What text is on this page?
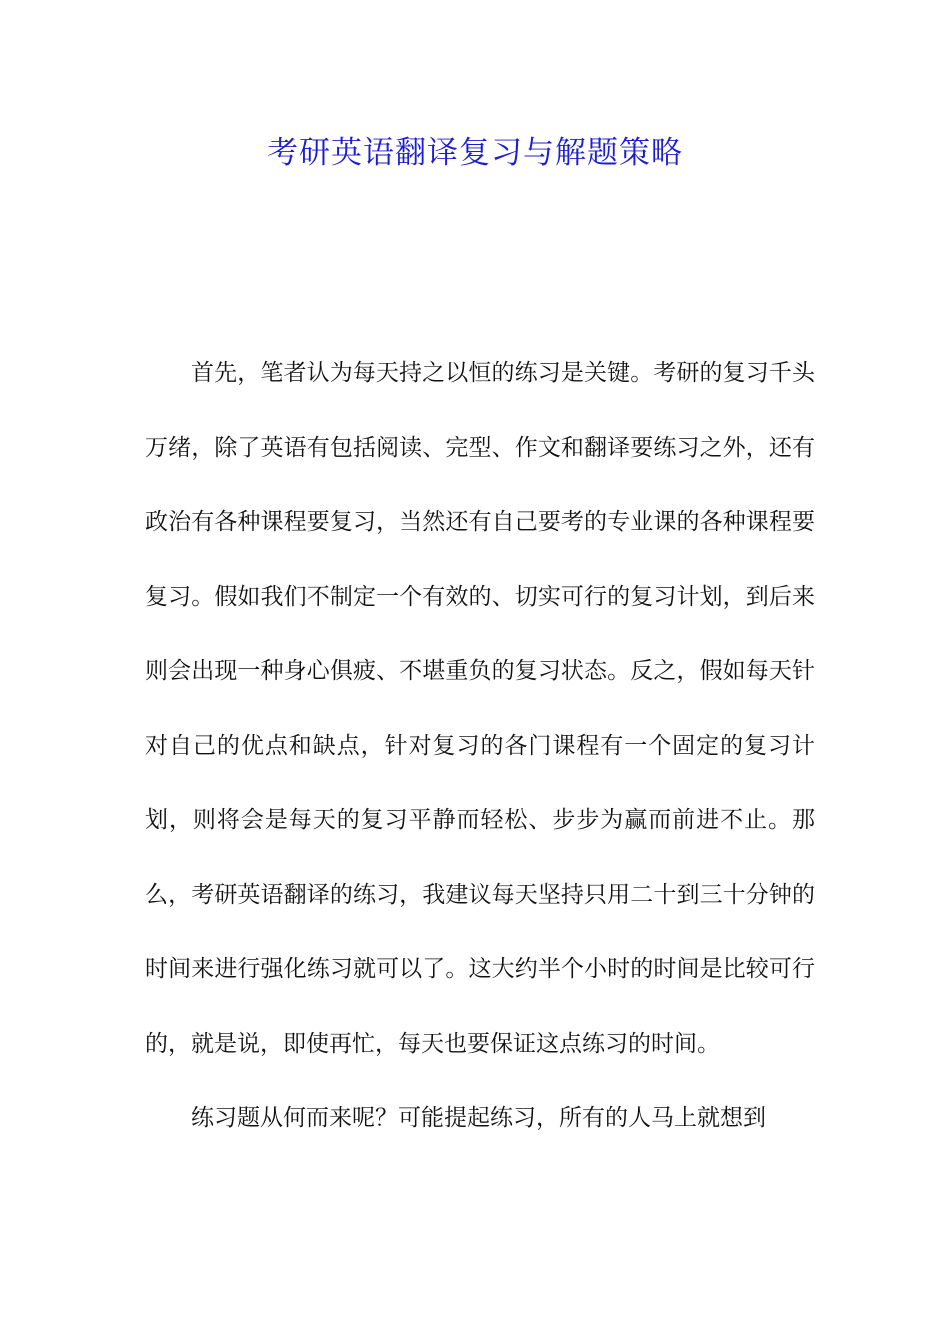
考研英语翻译复习与解题策略

首先，笔者认为每天持之以恒的练习是关键。考研的复习千头万绪，除了英语有包括阅读、完型、作文和翻译要练习之外，还有政治有各种课程要复习，当然还有自己要考的专业课的各种课程要复习。假如我们不制定一个有效的、切实可行的复习计划，到后来则会出现一种身心俱疲、不堪重负的复习状态。反之，假如每天针对自己的优点和缺点，针对复习的各门课程有一个固定的复习计划，则将会是每天的复习平静而轻松、步步为赢而前进不止。那么，考研英语翻译的练习，我建议每天坚持只用二十到三十分钟的时间来进行强化练习就可以了。这大约半个小时的时间是比较可行的，就是说，即使再忙，每天也要保证这点练习的时间。

练习题从何而来呢？可能提起练习，所有的人马上就想到
